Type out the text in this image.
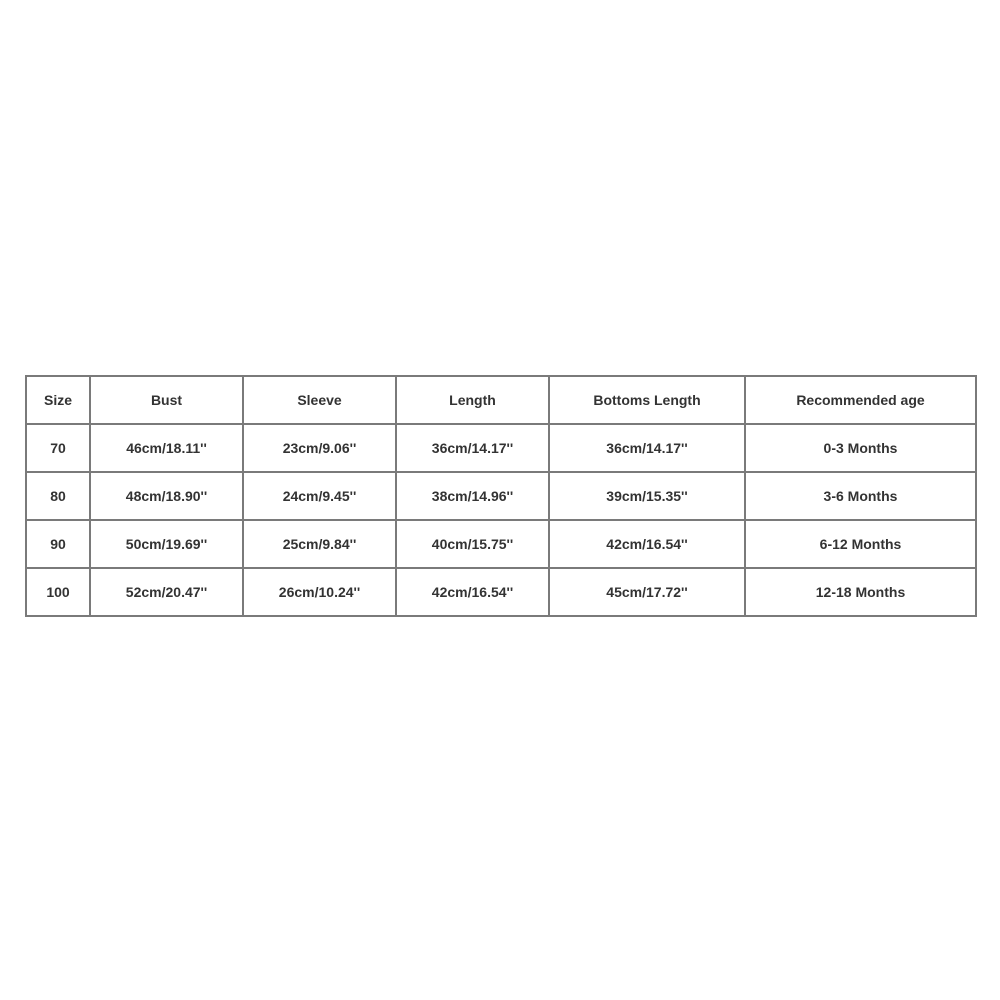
Size	Bust	Sleeve	Length	Bottoms Length	Recommended age
70	46cm/18.11''	23cm/9.06''	36cm/14.17''	36cm/14.17''	0-3 Months
80	48cm/18.90''	24cm/9.45''	38cm/14.96''	39cm/15.35''	3-6 Months
90	50cm/19.69''	25cm/9.84''	40cm/15.75''	42cm/16.54''	6-12 Months
100	52cm/20.47''	26cm/10.24''	42cm/16.54''	45cm/17.72''	12-18 Months
